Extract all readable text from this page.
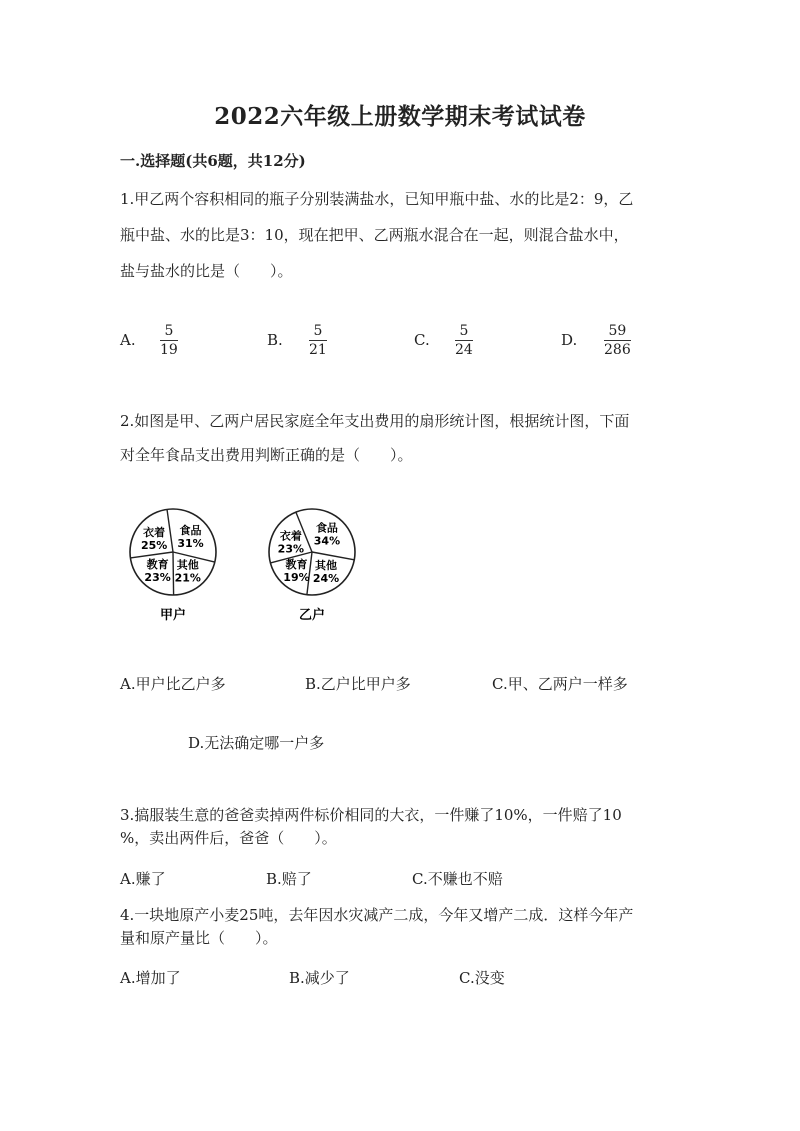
2022六年级上册数学期末考试试卷
一.选择题(共6题，共12分)
1.甲乙两个容积相同的瓶子分别装满盐水，已知甲瓶中盐、水的比是2：9，乙
瓶中盐、水的比是3：10，现在把甲、乙两瓶水混合在一起，则混合盐水中，
盐与盐水的比是（　　）。
A. 5
19
B. 5
21
C. 5
24
D. 59
286
2.如图是甲、乙两户居民家庭全年支出费用的扇形统计图，根据统计图，下面
对全年食品支出费用判断正确的是（　　）。
食品
31%
其他
21%
教育
23%
衣着
25%
食品
34%
其他
24%
教育
19%
衣着
23%
甲户	乙户
A.甲户比乙户多	B.乙户比甲户多	C.甲、乙两户一样多
D.无法确定哪一户多
3.搞服装生意的爸爸卖掉两件标价相同的大衣，一件赚了10%，一件赔了10
%，卖出两件后，爸爸（　　）。
A.赚了	B.赔了	C.不赚也不赔
4.一块地原产小麦25吨，去年因水灾减产二成，今年又增产二成．这样今年产
量和原产量比（　　）。
A.增加了	B.减少了	C.没变
